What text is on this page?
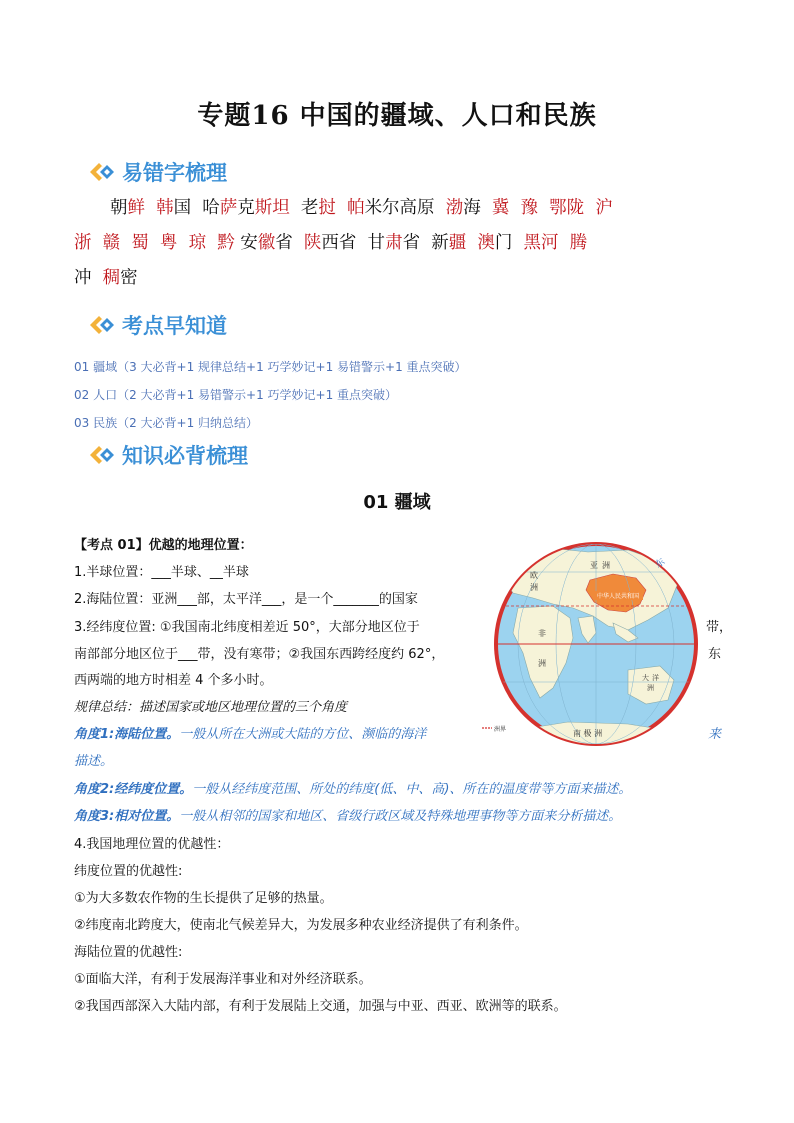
专题16 中国的疆域、人口和民族
易错字梳理
朝鲜 韩国  哈萨克斯坦  老挝 帕米尔高原  渤海  冀 豫 鄂陇 沪
浙 赣 蜀 粤 琼 黔 安徽省  陕西省  甘肃省  新疆 澳门  黑河 腾
冲  稠密
考点早知道
01 疆域（3 大必背+1 规律总结+1 巧学妙记+1 易错警示+1 重点突破）
02 人口（2 大必背+1 易错警示+1 巧学妙记+1 重点突破）
03 民族（2 大必背+1 归纳总结）
知识必背梳理
01 疆域
【考点 01】优越的地理位置：
1.半球位置：___半球、__半球
2.海陆位置：亚洲___部，太平洋___，是一个_______的国家
3.经纬度位置: ①我国南北纬度相差近 50°，大部分地区位于	带，
南部部分地区位于___带，没有寒带；②我国东西跨经度约 62°，	东
西两端的地方时相差 4 个多小时。
规律总结：描述国家或地区地理位置的三个角度
角度1:海陆位置。一般从所在大洲或大陆的方位、濒临的海洋	来
描述。
角度2:经纬度位置。一般从经纬度范围、所处的纬度(低、中、高)、所在的温度带等方面来描述。
角度3:相对位置。一般从相邻的国家和地区、省级行政区域及特殊地理事物等方面来分析描述。
4.我国地理位置的优越性：
纬度位置的优越性:
①为大多数农作物的生长提供了足够的热量。
②纬度南北跨度大，使南北气候差异大，为发展多种农业经济提供了有利条件。
海陆位置的优越性:
①面临大洋，有利于发展海洋事业和对外经济联系。
②我国西部深入大陆内部，有利于发展陆上交通，加强与中亚、西亚、欧洲等的联系。
中华人民共和国
欧
洲
亚 洲
非
洲
大 洋
洲
南 极 洲
东
洲界
